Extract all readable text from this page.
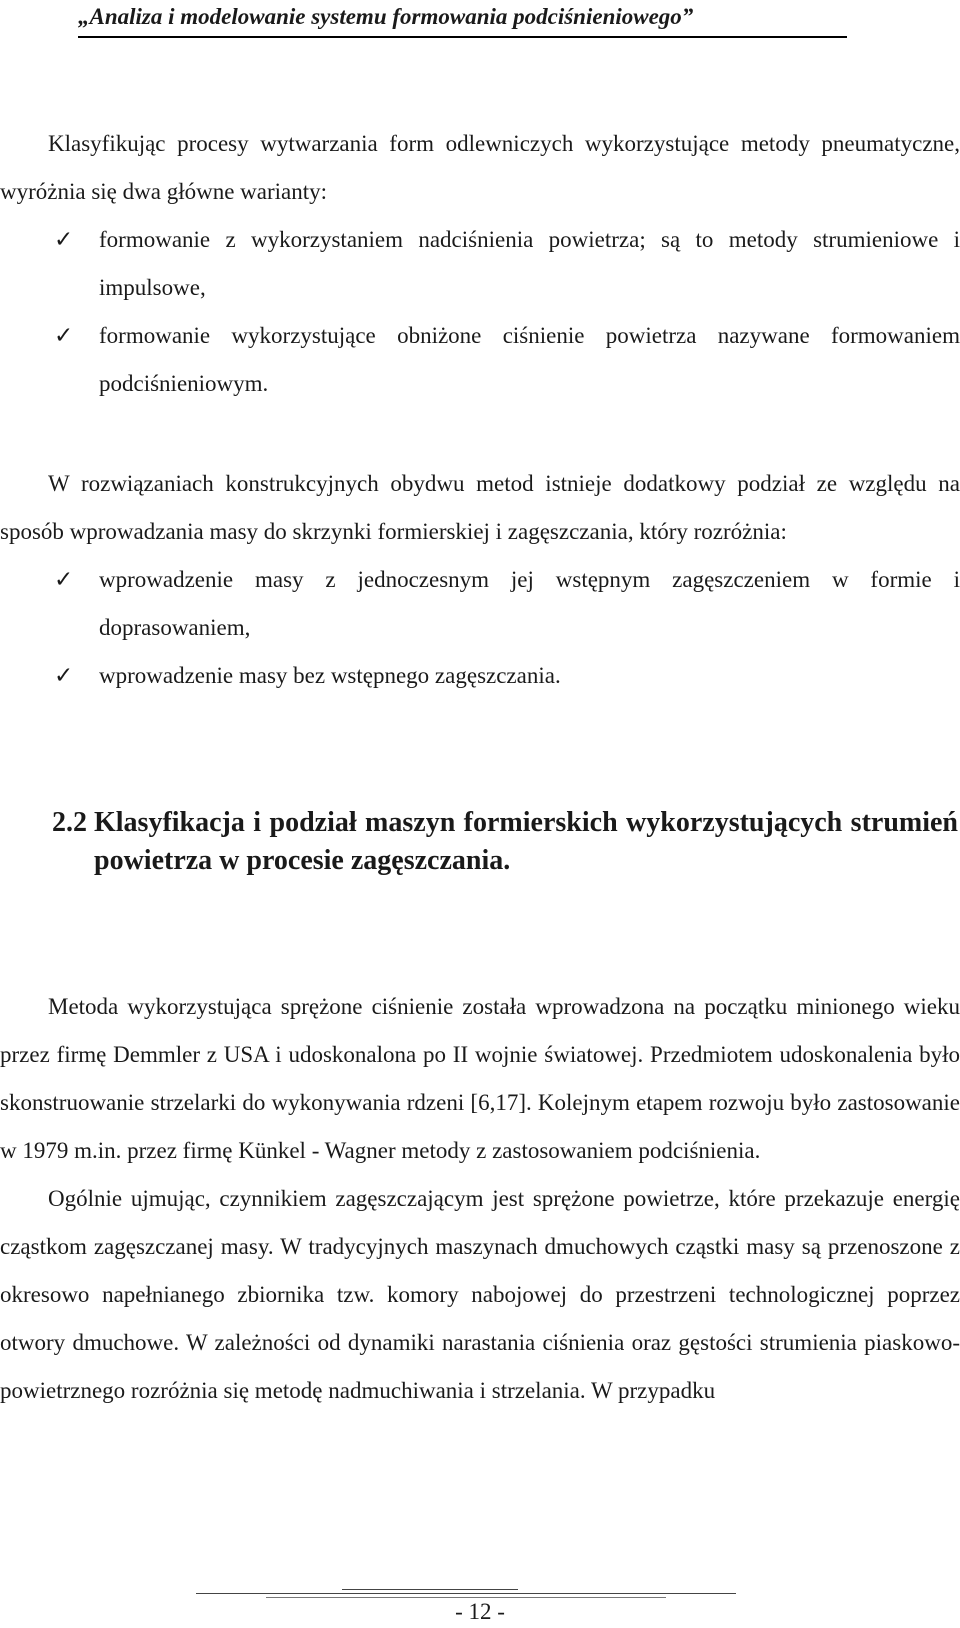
„Analiza i modelowanie systemu formowania podciśnieniowego”

Klasyfikując procesy wytwarzania form odlewniczych wykorzystujące metody pneumatyczne, wyróżnia się dwa główne warianty:

✓ formowanie z wykorzystaniem nadciśnienia powietrza; są to metody strumieniowe i impulsowe,
✓ formowanie wykorzystujące obniżone ciśnienie powietrza nazywane formowaniem podciśnieniowym.

W rozwiązaniach konstrukcyjnych obydwu metod istnieje dodatkowy podział ze względu na sposób wprowadzania masy do skrzynki formierskiej i zagęszczania, który rozróżnia:

✓ wprowadzenie masy z jednoczesnym jej wstępnym zagęszczeniem w formie i doprasowaniem,
✓ wprowadzenie masy bez wstępnego zagęszczania.
2.2 Klasyfikacja i podział maszyn formierskich wykorzystujących strumień powietrza w procesie zagęszczania.

Metoda wykorzystująca sprężone ciśnienie została wprowadzona na początku minionego wieku przez firmę Demmler z USA i udoskonalona po II wojnie światowej. Przedmiotem udoskonalenia było skonstruowanie strzelarki do wykonywania rdzeni [6,17]. Kolejnym etapem rozwoju było zastosowanie w 1979 m.in. przez firmę Künkel - Wagner metody z zastosowaniem podciśnienia.

Ogólnie ujmując, czynnikiem zagęszczającym jest sprężone powietrze, które przekazuje energię cząstkom zagęszczanej masy. W tradycyjnych maszynach dmuchowych cząstki masy są przenoszone z okresowo napełnianego zbiornika tzw. komory nabojowej do przestrzeni technologicznej poprzez otwory dmuchowe. W zależności od dynamiki narastania ciśnienia oraz gęstości strumienia piaskowo-powietrznego rozróżnia się metodę nadmuchiwania i strzelania. W przypadku

- 12 -
